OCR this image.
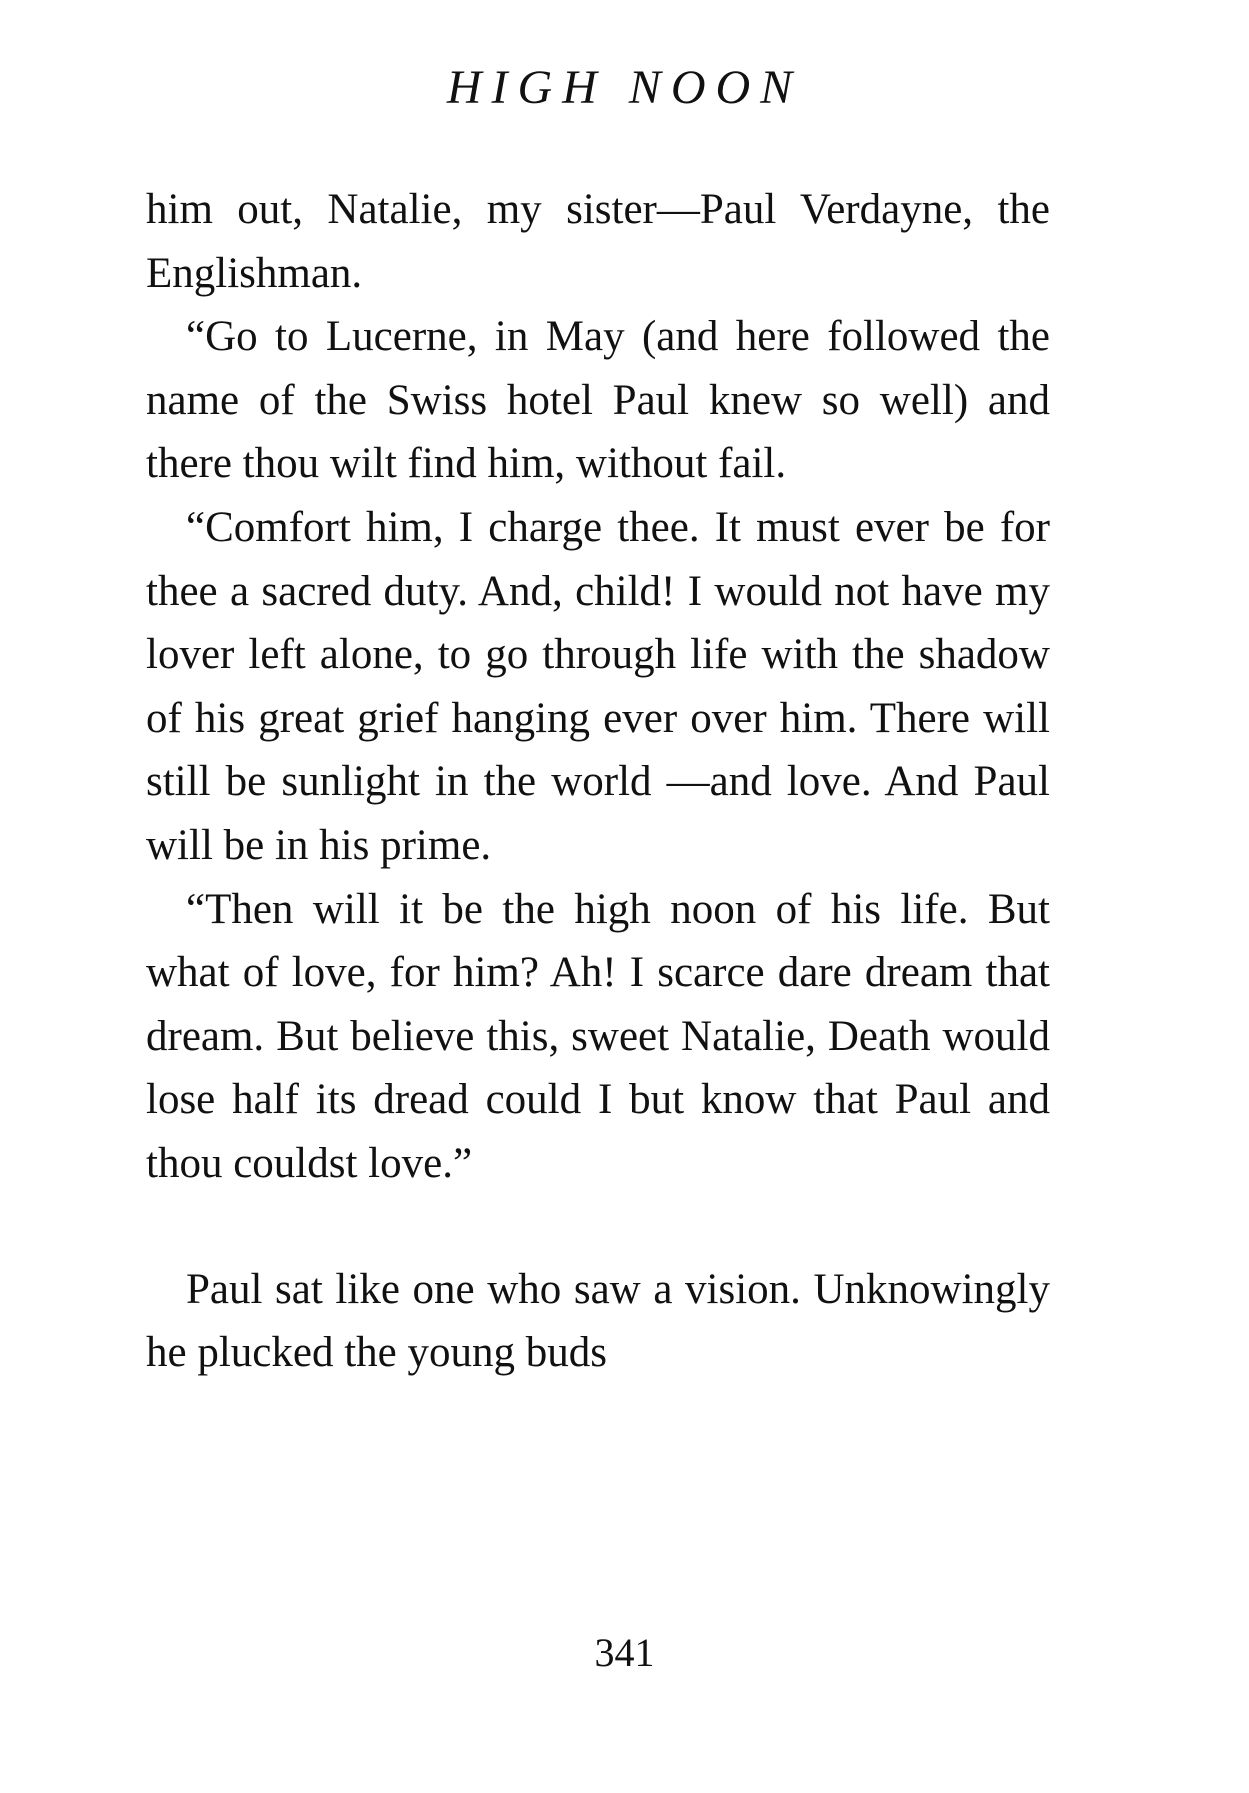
HIGH NOON

him out, Natalie, my sister—Paul Verdayne, the Englishman.

“Go to Lucerne, in May (and here followed the name of the Swiss hotel Paul knew so well) and there thou wilt find him, without fail.

“Comfort him, I charge thee. It must ever be for thee a sacred duty. And, child! I would not have my lover left alone, to go through life with the shadow of his great grief hanging ever over him. There will still be sunlight in the world —and love. And Paul will be in his prime.

“Then will it be the high noon of his life. But what of love, for him? Ah! I scarce dare dream that dream. But believe this, sweet Natalie, Death would lose half its dread could I but know that Paul and thou couldst love.”

Paul sat like one who saw a vision. Unknowingly he plucked the young buds

341
